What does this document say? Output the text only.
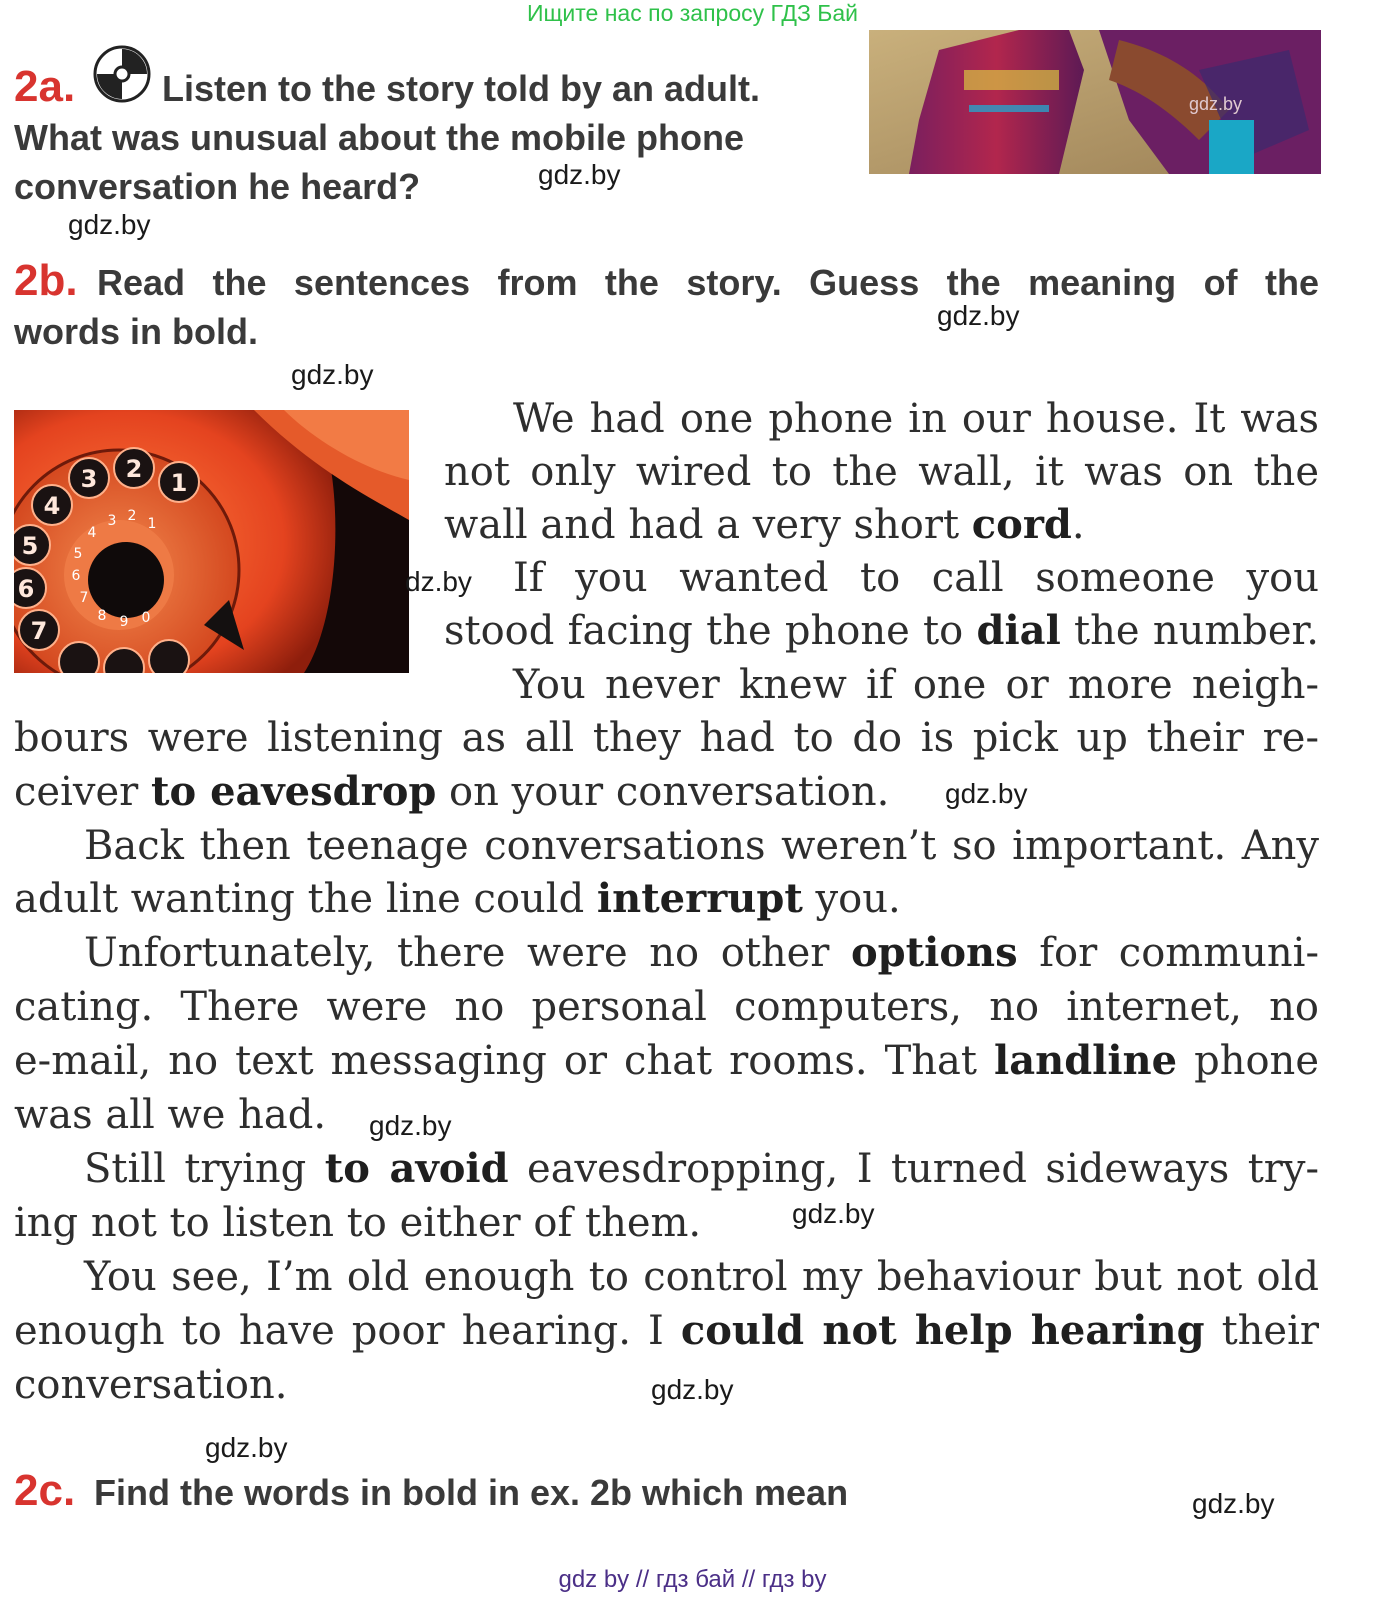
Ищите нас по запросу ГДЗ Бай
gdz.by
2a. Listen to the story told by an adult.
What was unusual about the mobile phone
conversation he heard?	gdz.by
gdz.by
2b. Read the sentences from the story. Guess the meaning of the
words in bold.	gdz.by
gdz.by
1
2
3
4
5
6
7
1
2
3
4
5
6
7
8 9 0
We had one phone in our house. It was
not only wired to the wall, it was on the
wall and had a very short cord.
dz.by If you wanted to call someone you
stood facing the phone to dial the number.
You never knew if one or more neigh-
bours were listening as all they had to do is pick up their re-
ceiver to eavesdrop on your conversation. gdz.by
Back then teenage conversations weren’t so important. Any
adult wanting the line could interrupt you.
Unfortunately, there were no other options for communi-
cating. There were no personal computers, no internet, no
e-mail, no text messaging or chat rooms. That landline phone
was all we had. gdz.by
Still trying to avoid eavesdropping, I turned sideways try-
ing not to listen to either of them.	gdz.by
You see, I’m old enough to control my behaviour but not old
enough to have poor hearing. I could not help hearing their
conversation.	gdz.by
gdz.by
2c. Find the words in bold in ex. 2b which mean	gdz.by
gdz by // гдз бай // гдз by
